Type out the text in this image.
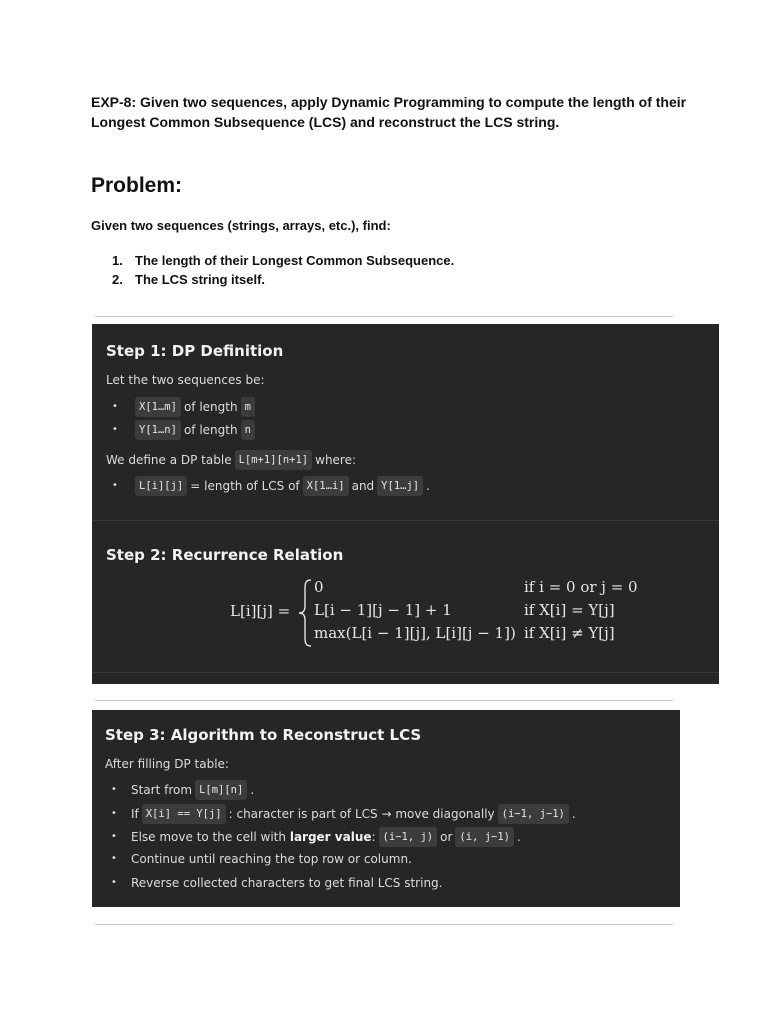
EXP-8: Given two sequences, apply Dynamic Programming to compute the length of their Longest Common Subsequence (LCS) and reconstruct the LCS string.

Problem:

Given two sequences (strings, arrays, etc.), find:

1. The length of their Longest Common Subsequence.
2. The LCS string itself.
Step 1: DP Definition

Let the two sequences be:

•	X[1…m] of length m
•	Y[1…n] of length n
We define a DP table L[m+1][n+1] where:
•	L[i][j] = length of LCS of X[1…i] and Y[1…j] .
Step 2: Recurrence Relation
L[i][j] =
0	if i = 0 or j = 0
L[i − 1][j − 1] + 1	if X[i] = Y[j]
max(L[i − 1][j], L[i][j − 1]) if X[i] ≠ Y[j]
Step 3: Algorithm to Reconstruct LCS

After filling DP table:

•	Start from L[m][n] .
•	If X[i] == Y[j] : character is part of LCS → move diagonally (i−1, j−1) .
•	Else move to the cell with
larger value : (i−1, j) or (i, j−1) .
•	Continue until reaching the top row or column.
•	Reverse collected characters to get final LCS string.
